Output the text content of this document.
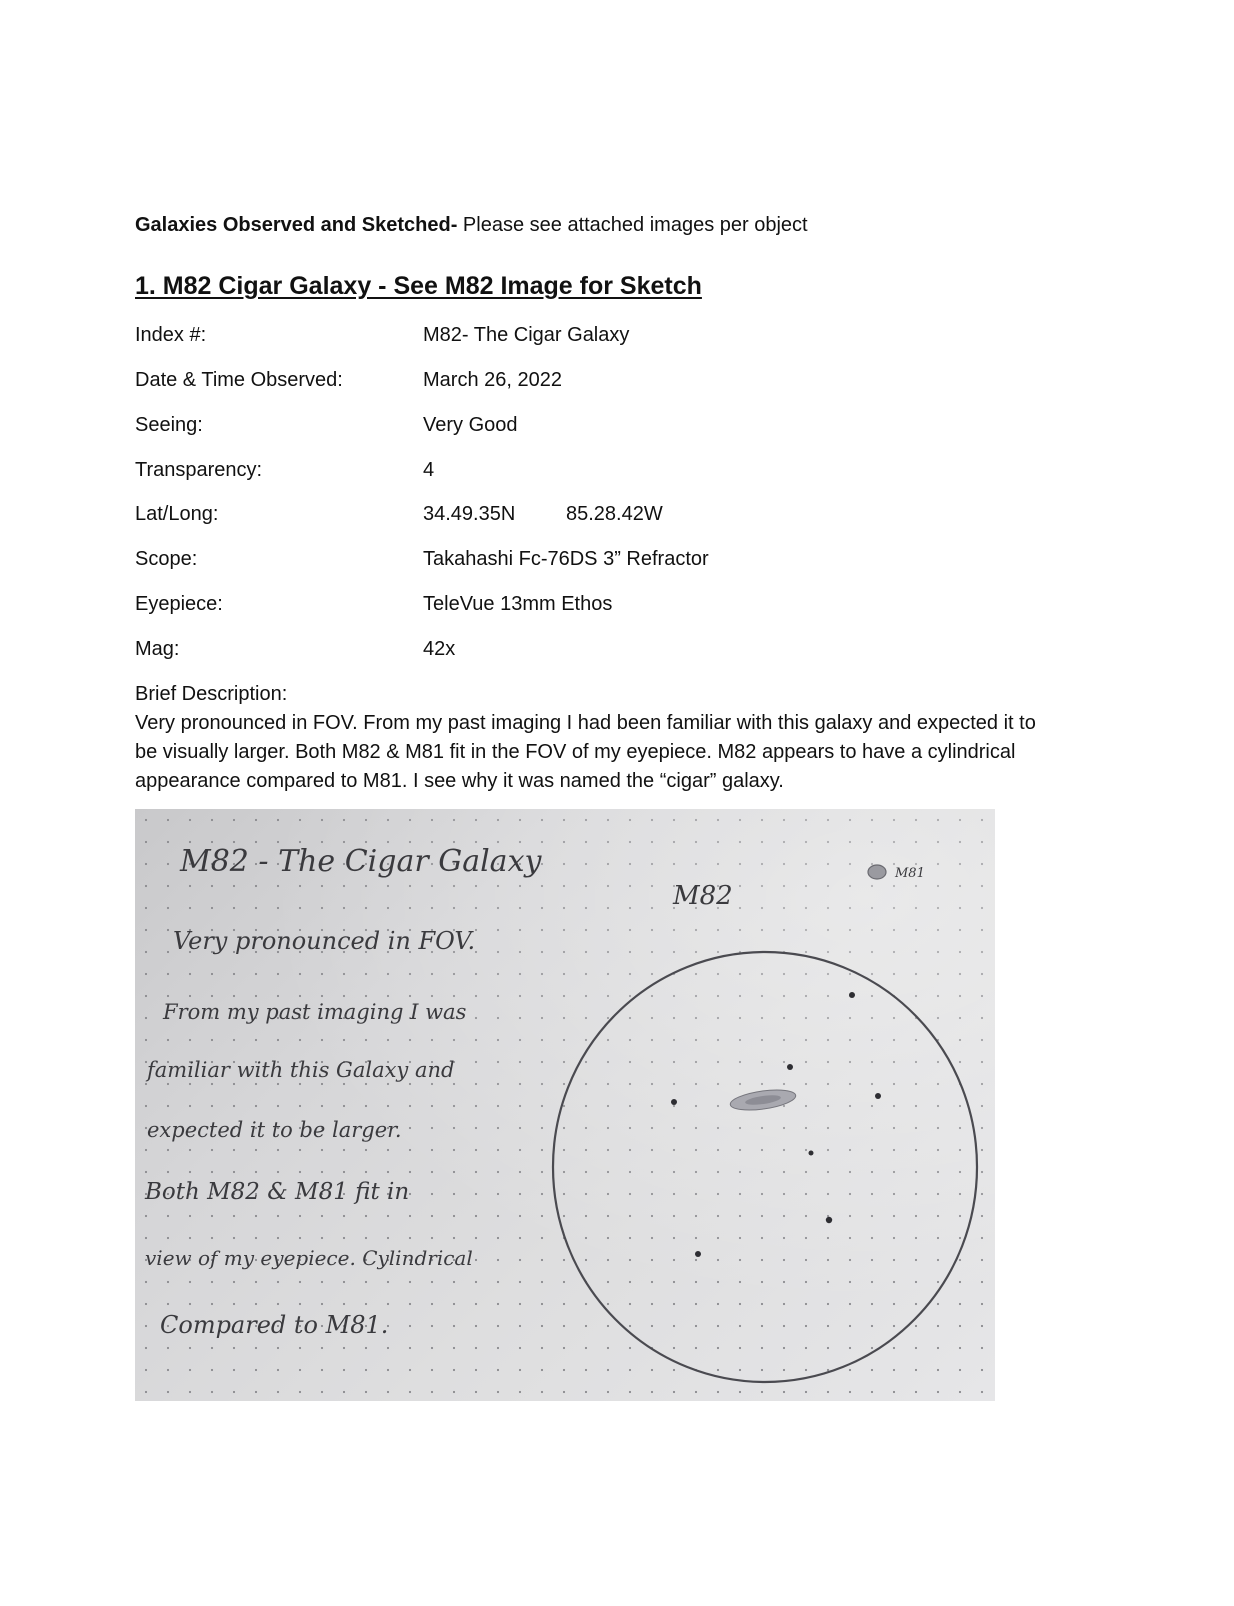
Galaxies Observed and Sketched- Please see attached images per object
1. M82 Cigar Galaxy - See M82 Image for Sketch
Index #:	M82- The Cigar Galaxy
Date & Time Observed:	March 26, 2022
Seeing:	Very Good
Transparency:	4
Lat/Long:	34.49.35N	85.28.42W
Scope:	Takahashi Fc-76DS 3” Refractor
Eyepiece:	TeleVue 13mm Ethos
Mag:	42x
Brief Description:
Very pronounced in FOV. From my past imaging I had been familiar with this galaxy and expected it to be visually larger. Both M82 & M81 fit in the FOV of my eyepiece. M82 appears to have a cylindrical appearance compared to M81. I see why it was named the “cigar” galaxy.
M82 - The Cigar Galaxy
Very pronounced in FOV.
From my past imaging I was
familiar with this Galaxy and
expected it to be larger.
Both M82 & M81 fit in
view of my eyepiece. Cylindrical
Compared to M81.
M82
M81
